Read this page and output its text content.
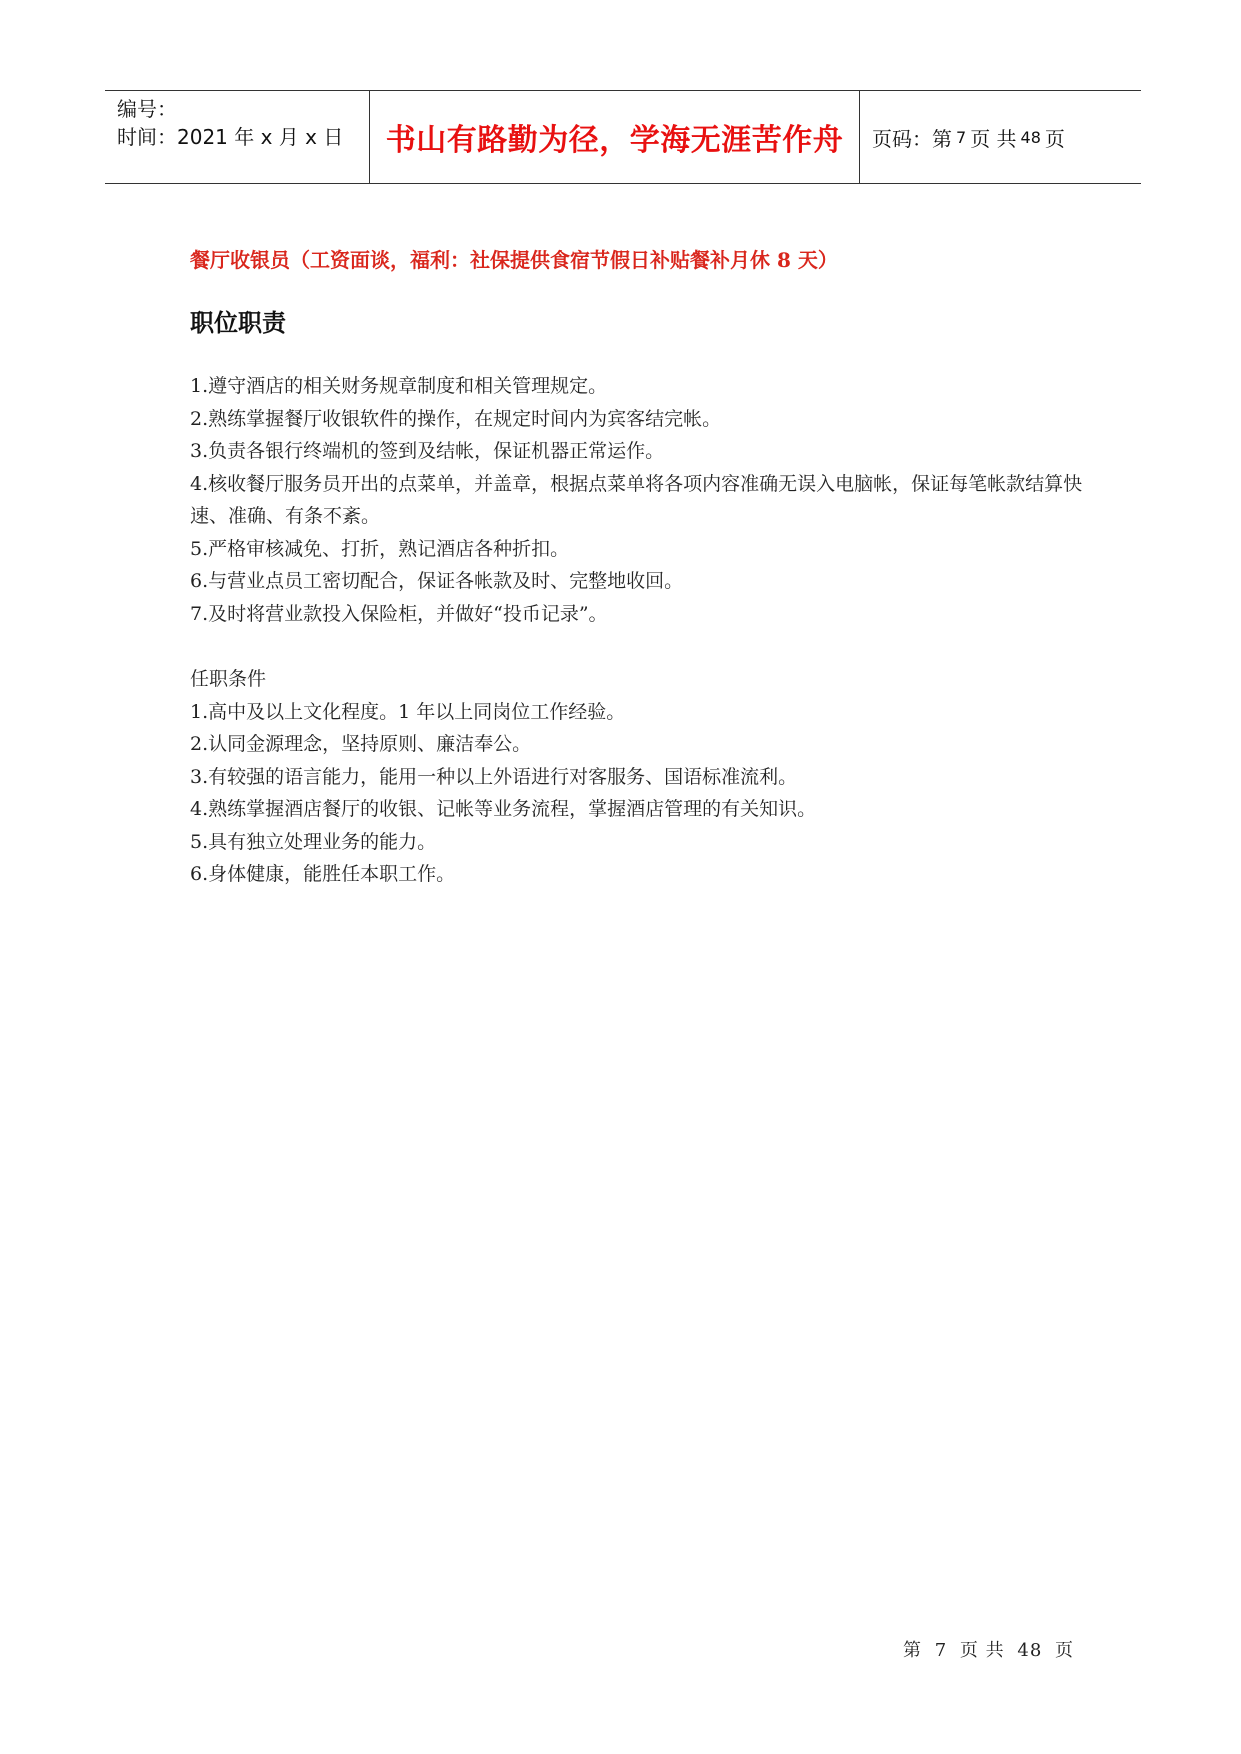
编号：
时间：2021 年 x 月 x 日	书山有路勤为径，学海无涯苦作舟 页码：第 7 页 共 48 页

餐厅收银员（工资面谈，福利：社保提供食宿节假日补贴餐补月休 8 天）

职位职责
1.遵守酒店的相关财务规章制度和相关管理规定。
2.熟练掌握餐厅收银软件的操作，在规定时间内为宾客结完帐。
3.负责各银行终端机的签到及结帐，保证机器正常运作。
4.核收餐厅服务员开出的点菜单，并盖章，根据点菜单将各项内容准确无误入电脑帐，保证每笔帐款结算快速、准确、有条不紊。
5.严格审核减免、打折，熟记酒店各种折扣。
6.与营业点员工密切配合，保证各帐款及时、完整地收回。
7.及时将营业款投入保险柜，并做好“投币记录”。
任职条件
1.高中及以上文化程度。1 年以上同岗位工作经验。
2.认同金源理念，坚持原则、廉洁奉公。
3.有较强的语言能力，能用一种以上外语进行对客服务、国语标准流利。
4.熟练掌握酒店餐厅的收银、记帐等业务流程，掌握酒店管理的有关知识。
5.具有独立处理业务的能力。
6.身体健康，能胜任本职工作。
第 7 页 共 48 页
